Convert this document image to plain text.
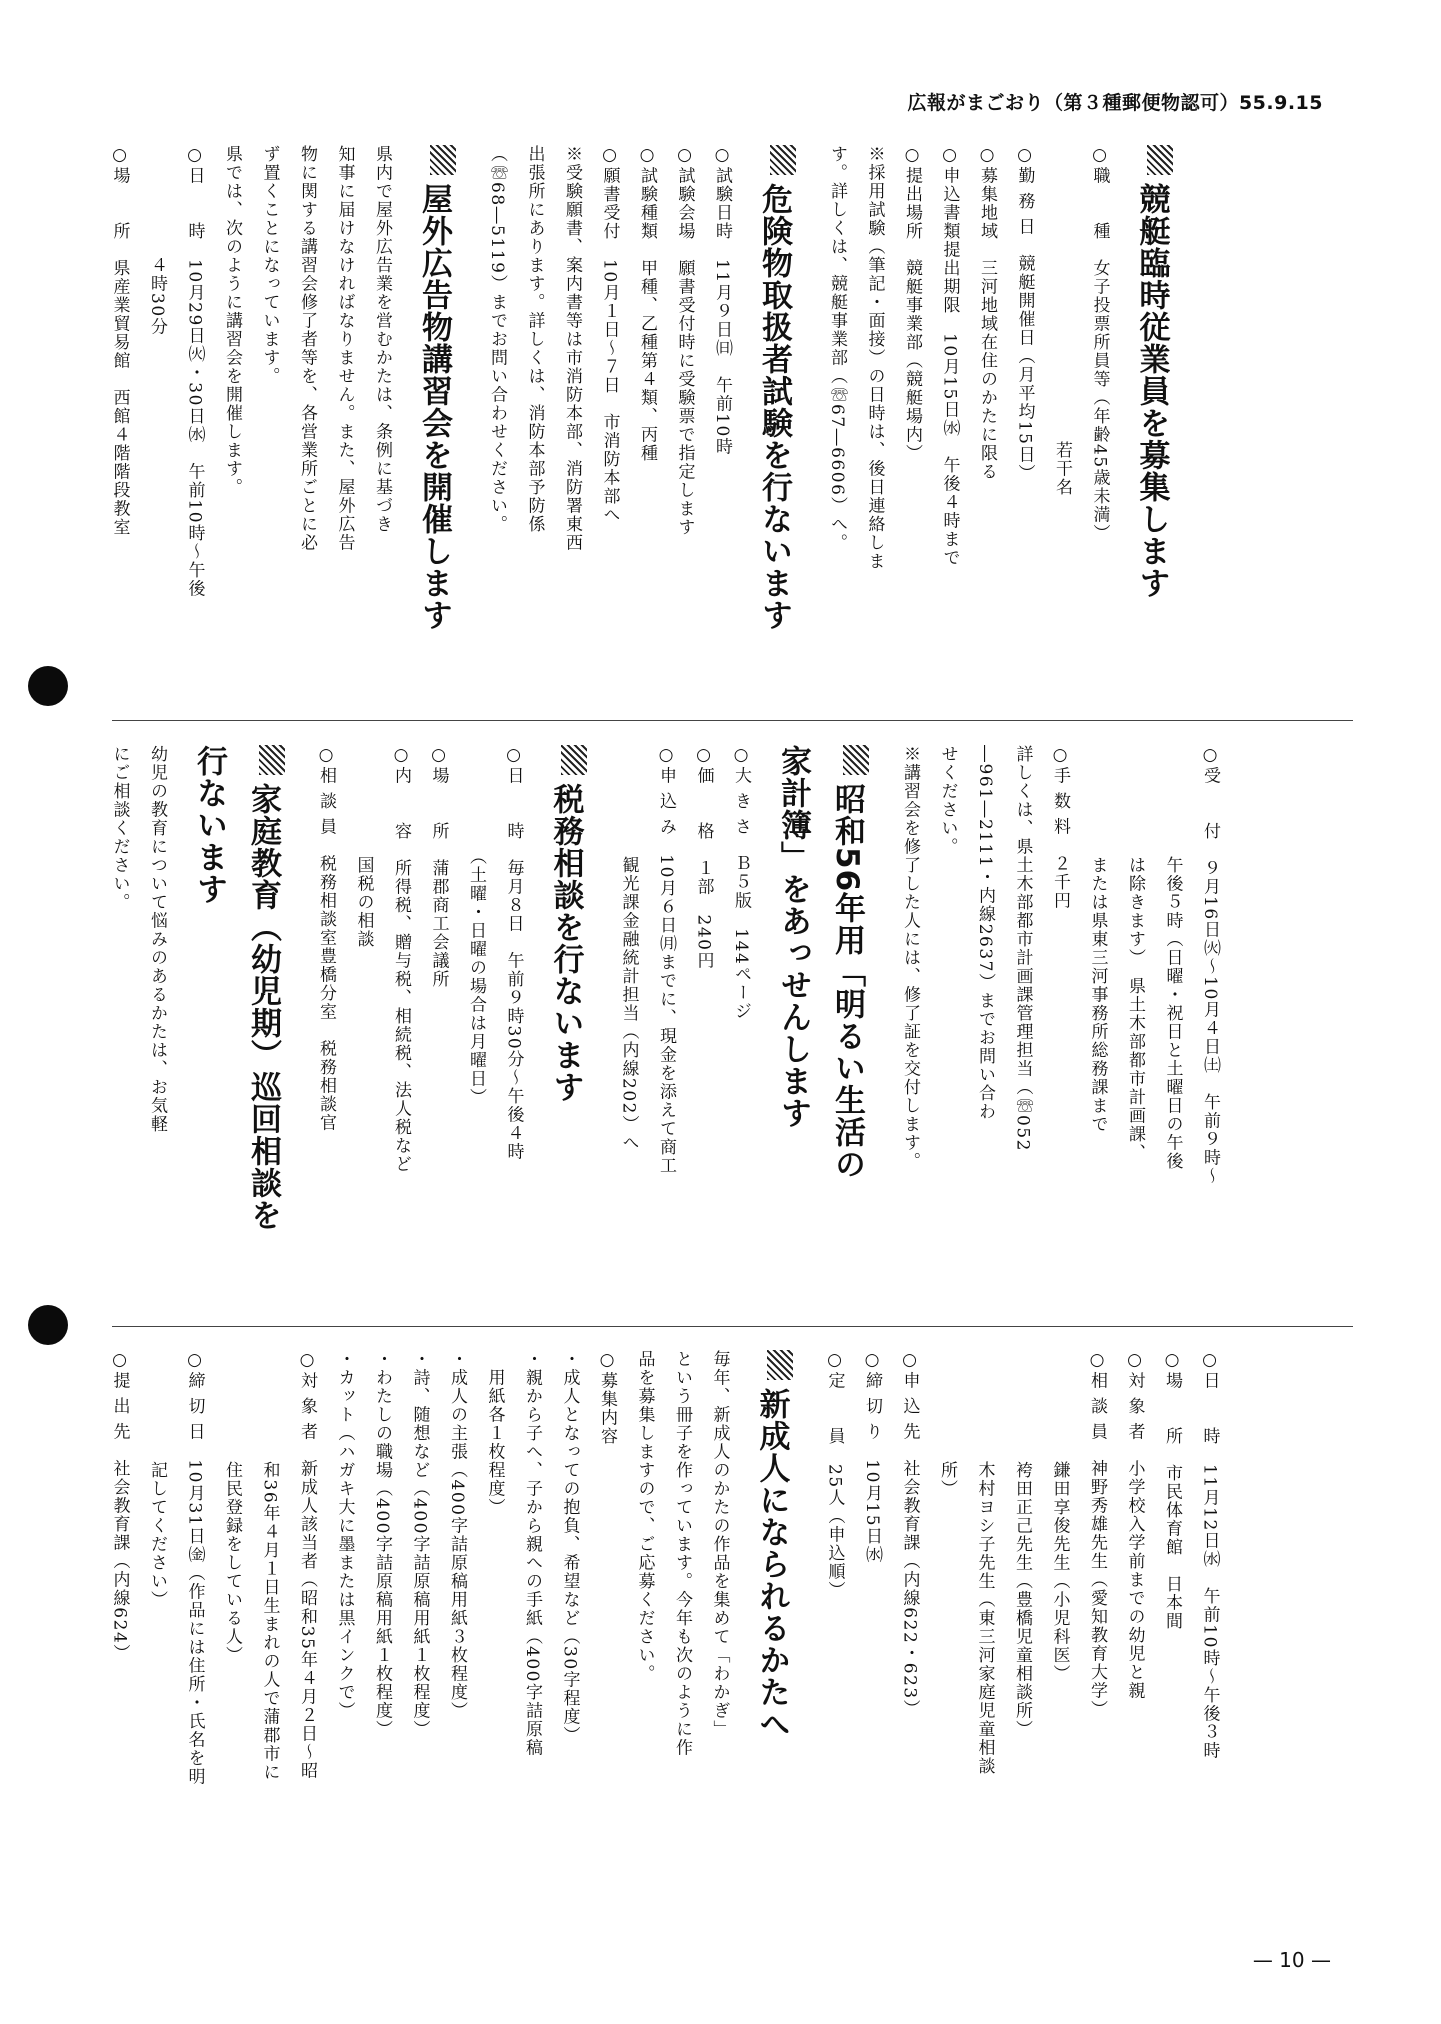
広報がまごおり（第３種郵便物認可）55.9.15
競艇臨時従業員を募集します
○職　　種　女子投票所員等（年齢45歳未満）
　　　　　　　　　　　　　　　　若干名
○勤 務 日　競艇開催日（月平均15日）
○募集地域　三河地域在住のかたに限る
○申込書類提出期限　10月15日㈬　午後４時まで
○提出場所　競艇事業部（競艇場内）
※採用試験（筆記・面接）の日時は、後日連絡しま
す。詳しくは、競艇事業部（☏67―6606）へ。
危険物取扱者試験を行ないます
○試験日時　11月９日㈰　午前10時
○試験会場　願書受付時に受験票で指定します
○試験種類　甲種、乙種第４類、丙種
○願書受付　10月１日～７日　市消防本部へ
※受験願書、案内書等は市消防本部、消防署東西
出張所にあります。詳しくは、消防本部予防係
（☏68―5119）までお問い合わせください。
屋外広告物講習会を開催します
県内で屋外広告業を営むかたは、条例に基づき
知事に届けなければなりません。また、屋外広告
物に関する講習会修了者等を、各営業所ごとに必
ず置くことになっています。
県では、次のように講習会を開催します。
○日　　時　10月29日㈫・30日㈬　午前10時～午後
　　　　　　４時30分
○場　　所　県産業貿易館　西館４階階段教室
○受　　付　９月16日㈫～10月４日㈯　午前９時～
　　　　　　午後５時（日曜・祝日と土曜日の午後
　　　　　　は除きます）　県土木部都市計画課、
　　　　　　または県東三河事務所総務課まで
○手 数 料　２千円
詳しくは、県土木部都市計画課管理担当（☏052
―961―2111・内線2637）までお問い合わ
せください。
※講習会を修了した人には、修了証を交付します。
昭和56年用「明るい生活の
家計簿」をあっせんします
○大 き さ　Ｂ５版　144ページ
○価　　格　１部　240円
○申 込 み　10月６日㈪までに、現金を添えて商工
　　　　　　観光課金融統計担当（内線202）へ
税務相談を行ないます
○日　　時　毎月８日　午前９時30分～午後４時
　　　　　　（土曜・日曜の場合は月曜日）
○場　　所　蒲郡商工会議所
○内　　容　所得税、贈与税、相続税、法人税など
　　　　　　国税の相談
○相 談 員　税務相談室豊橋分室　税務相談官
家庭教育（幼児期）巡回相談を
行ないます
幼児の教育について悩みのあるかたは、お気軽
にご相談ください。
○日　　時　11月12日㈬　午前10時～午後３時
○場　　所　市民体育館　日本間
○対 象 者　小学校入学前までの幼児と親
○相 談 員　神野秀雄先生（愛知教育大学）
　　　　　　鎌田享俊先生（小児科医）
　　　　　　袴田正己先生（豊橋児童相談所）
　　　　　　木村ヨシ子先生（東三河家庭児童相談
　　　　　　所）
○申 込 先　社会教育課（内線622・623）
○締 切 り　10月15日㈬
○定　　員　25人（申込順）
新成人になられるかたへ
毎年、新成人のかたの作品を集めて「わかぎ」
という冊子を作っています。今年も次のように作
品を募集しますので、ご応募ください。
○募集内容
・成人となっての抱負、希望など（30字程度）
・親から子へ、子から親への手紙（400字詰原稿
　用紙各１枚程度）
・成人の主張（400字詰原稿用紙３枚程度）
・詩、随想など（400字詰原稿用紙１枚程度）
・わたしの職場（400字詰原稿用紙１枚程度）
・カット（ハガキ大に墨または黒インクで）
○対 象 者　新成人該当者（昭和35年４月２日～昭
　　　　　　和36年４月１日生まれの人で蒲郡市に
　　　　　　住民登録をしている人）
○締 切 日　10月31日㈮（作品には住所・氏名を明
　　　　　　記してください）
○提 出 先　社会教育課（内線624）
— 10 —
